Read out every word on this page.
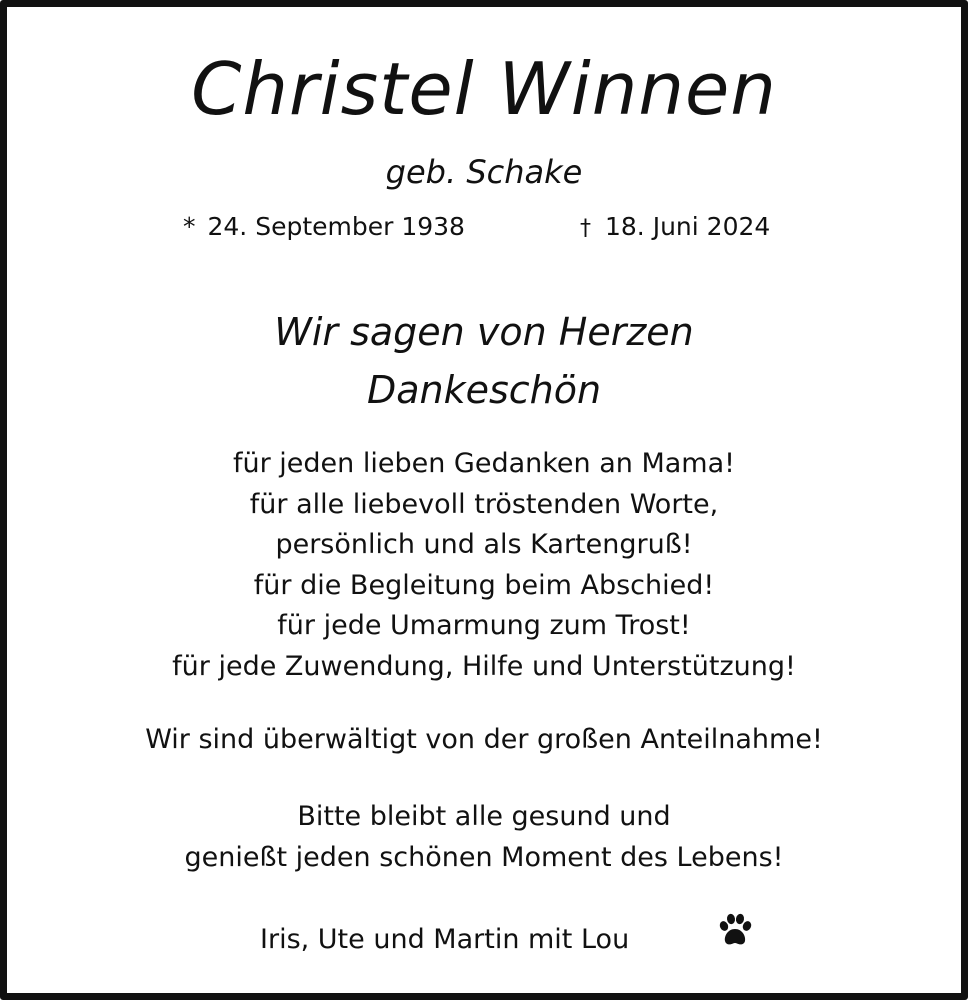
Christel Winnen
geb. Schake
* 24. September 1938	† 18. Juni 2024
Wir sagen von Herzen
Dankeschön
für jeden lieben Gedanken an Mama!
für alle liebevoll tröstenden Worte,
persönlich und als Kartengruß!
für die Begleitung beim Abschied!
für jede Umarmung zum Trost!
für jede Zuwendung, Hilfe und Unterstützung!
Wir sind überwältigt von der großen Anteilnahme!
Bitte bleibt alle gesund und
genießt jeden schönen Moment des Lebens!
Iris, Ute und Martin mit Lou
